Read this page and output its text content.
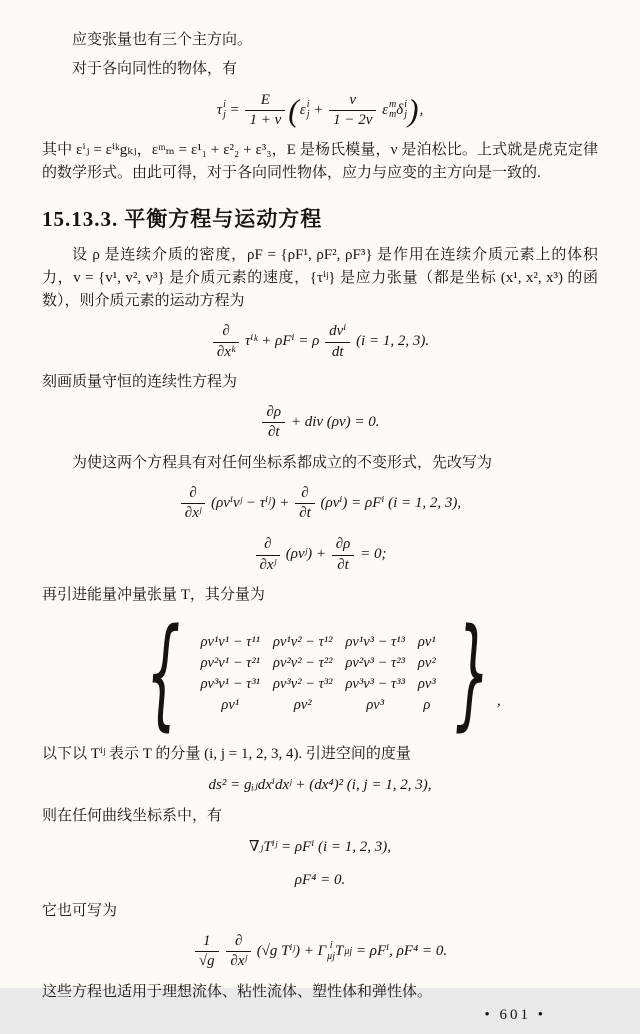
应变张量也有三个主方向。

对于各向同性的物体，有

τ i
$j = \frac{E}{1 + \nu}$ ( ε i
$j + \frac{\nu}{1 - 2\nu}$
ε m
m δ i
j ),

其中 εⁱⱼ = εⁱᵏgₖⱼ，εᵐₘ = ε¹₁ + ε²₂ + ε³₃，E 是杨氏模量，ν 是泊松比。上式就是虎克定律的数学形式。由此可得，对于各向同性物体，应力与应变的主方向是一致的.

15.13.3. 平衡方程与运动方程

设 ρ 是连续介质的密度，ρF = {ρF¹, ρF², ρF³} 是作用在连续介质元素上的体积力，v = {v¹, v², v³} 是介质元素的速度，{τⁱʲ} 是应力张量（都是坐标 (x¹, x², x³) 的函数），则介质元素的运动方程为

$\frac{\partial}{\text{∂xᵏ}}$ τⁱᵏ + ρFⁱ = ρ $\frac{\text{dvⁱ}}{dt} (i = 1$, 2, 3).

刻画质量守恒的连续性方程为

$\frac{\partial\rho}{\partial t}$ + div (ρv) = 0.

为使这两个方程具有对任何坐标系都成立的不变形式，先改写为

$\frac{\partial}{\text{∂xʲ}}$ (ρvⁱvʲ − τⁱʲ) + $\frac{\partial}{\partial t} (\rho v^i) = \rho F^i$ (i = 1, 2, 3),
$\frac{\partial}{\text{∂xʲ}}$ (ρvʲ) + $\frac{\partial\rho}{\partial t} = 0$;

再引进能量冲量张量 T，其分量为

{ ρv¹v¹ − τ¹¹	ρv¹v² − τ¹²	ρv¹v³ − τ¹³	ρv¹
ρv²v¹ − τ²¹	ρv²v² − τ²²	ρv²v³ − τ²³	ρv²
ρv³v¹ − τ³¹	ρv³v² − τ³²	ρv³v³ − τ³³	ρv³
ρv¹	ρv²	ρv³	ρ } ,

以下以 Tⁱʲ 表示 T 的分量 (i, j = 1, 2, 3, 4). 引进空间的度量

ds² = gᵢⱼdxⁱdxʲ + (dx⁴)² (i, j = 1, 2, 3),

则在任何曲线坐标系中，有

∇ⱼTⁱʲ = ρFⁱ (i = 1, 2, 3),
ρF⁴ = 0.

它也可写为

$\frac{1}{√g}$
$\frac{\partial}{\text{∂xʲ}} (√g$ Tⁱʲ) + Γ i
μj T μj = ρFⁱ, ρF⁴ = 0.

这些方程也适用于理想流体、粘性流体、塑性体和弹性体。

• 601 •
